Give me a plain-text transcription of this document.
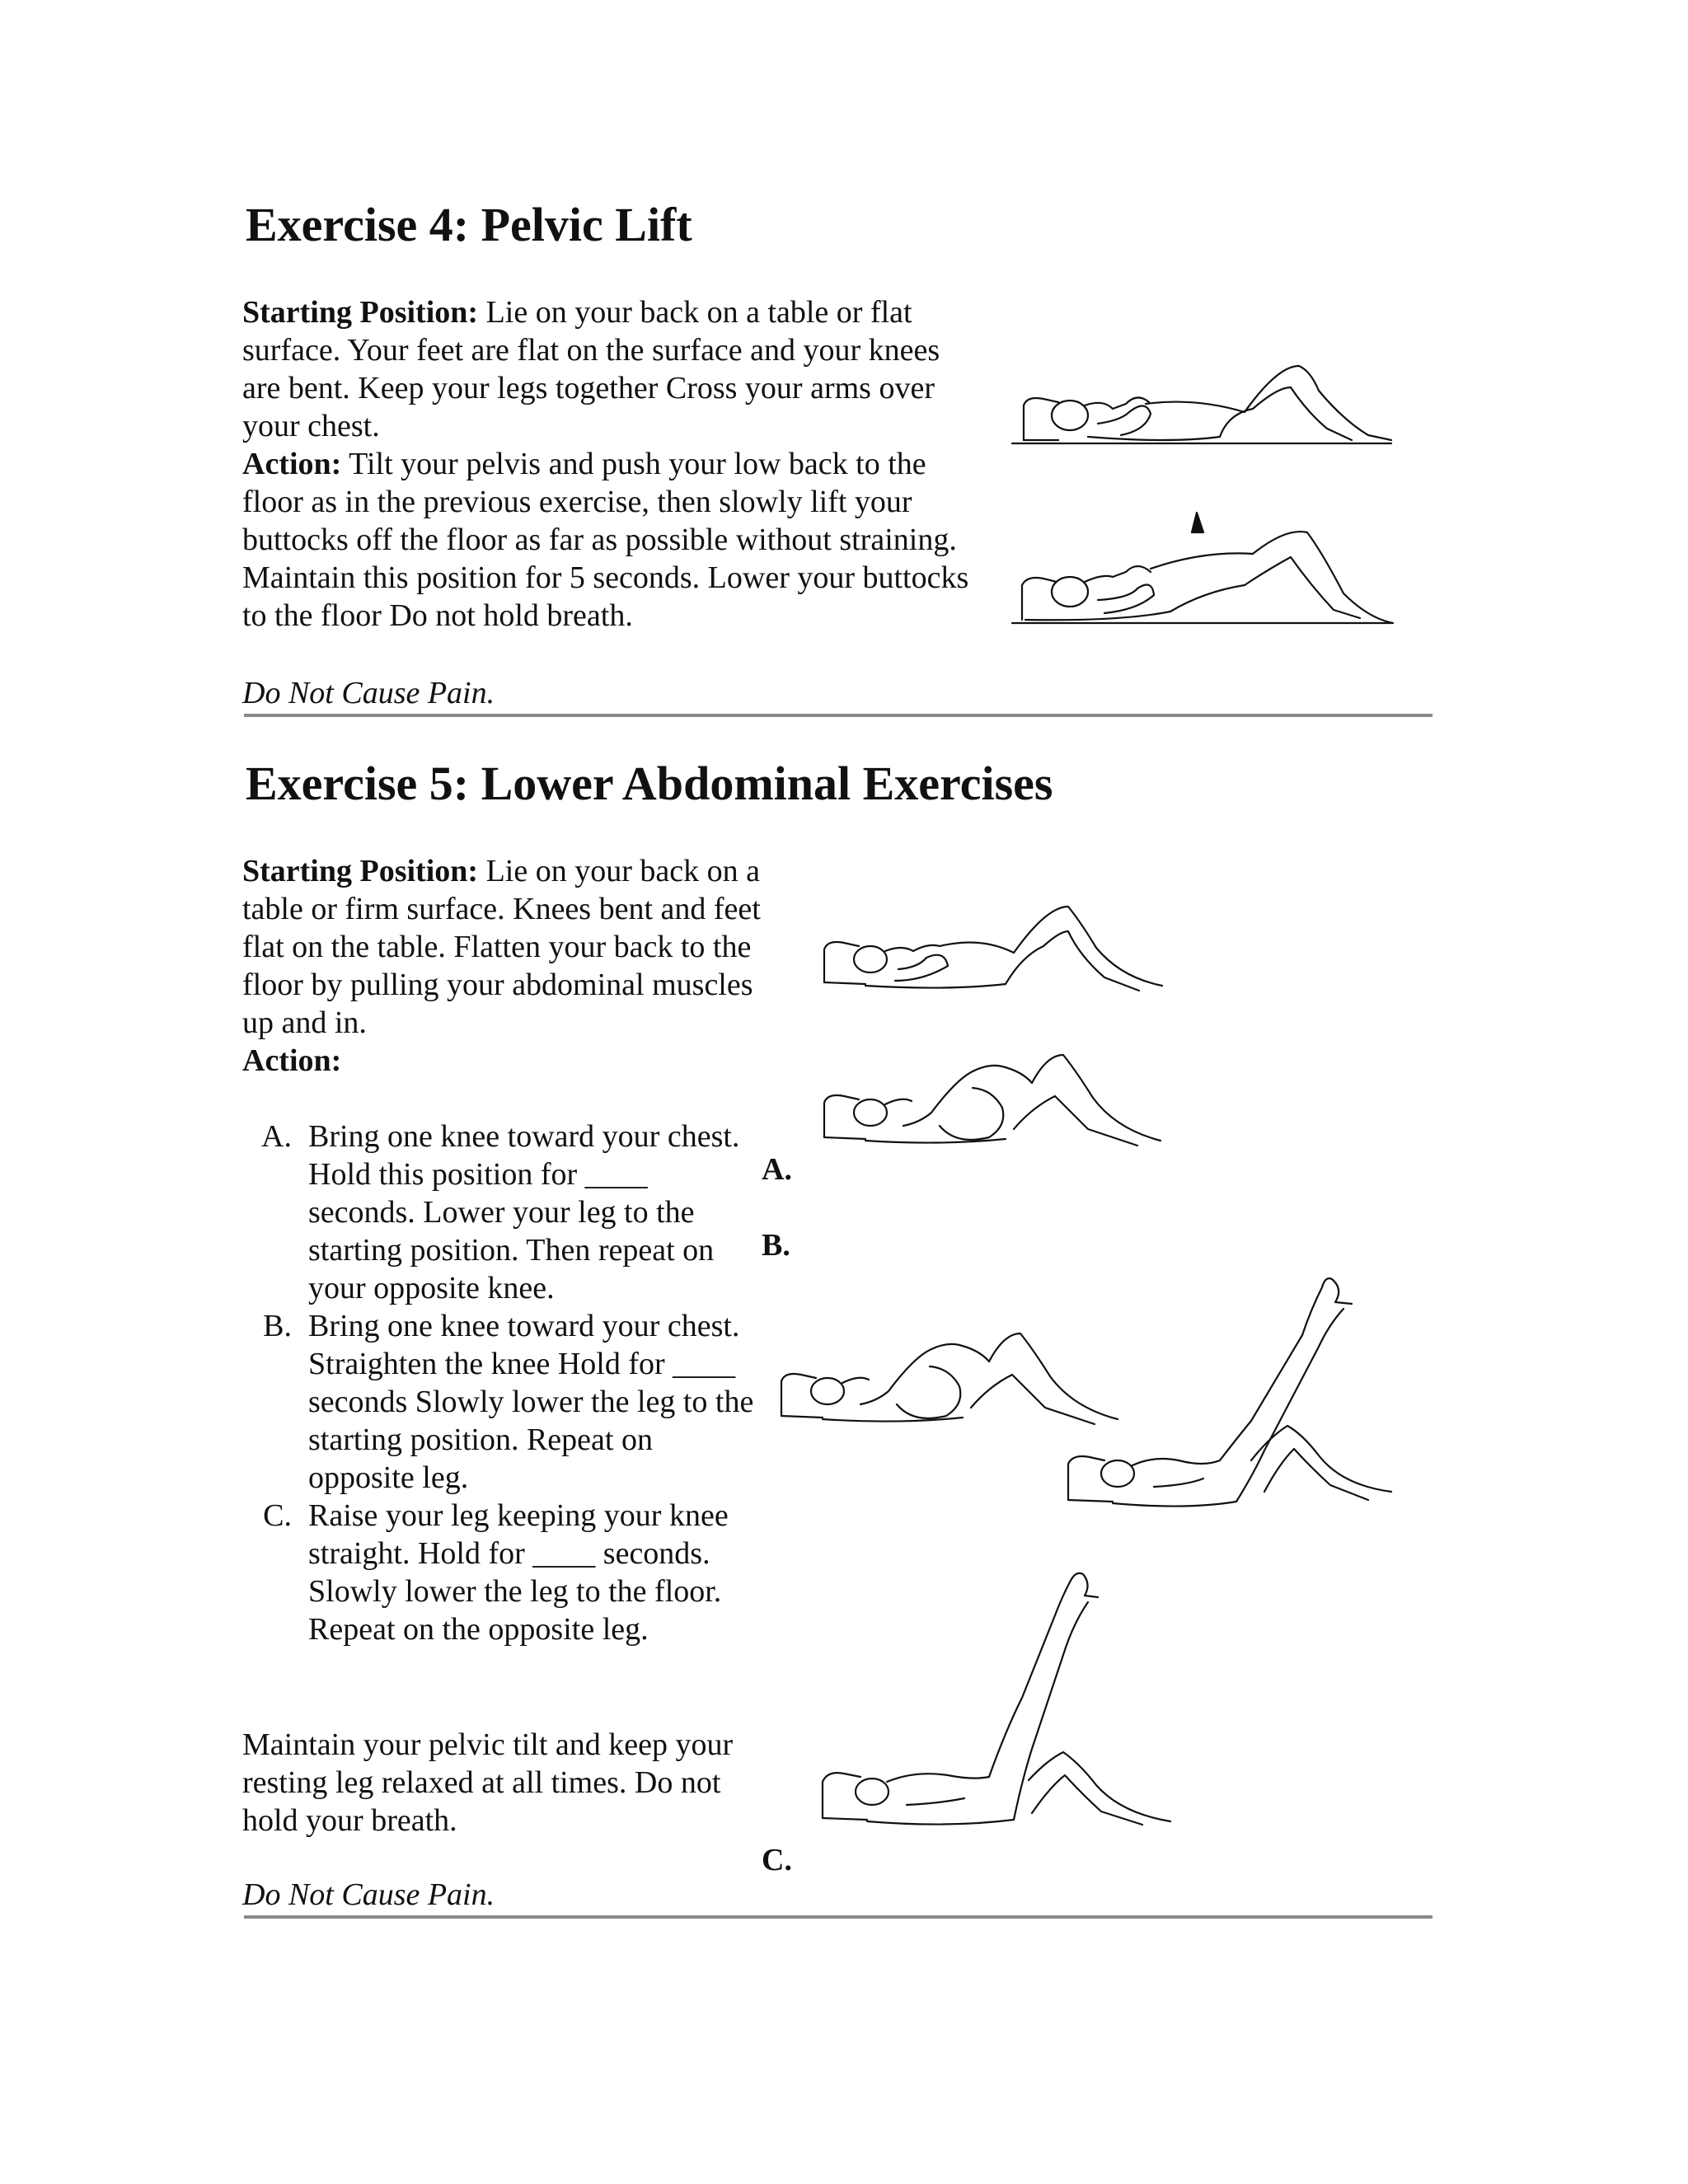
Exercise 4: Pelvic Lift

Starting Position: Lie on your back on a table or flat surface. Your feet are flat on the surface and your knees are bent. Keep your legs together Cross your arms over your chest.

Action: Tilt your pelvis and push your low back to the floor as in the previous exercise, then slowly lift your buttocks off the floor as far as possible without straining. Maintain this position for 5 seconds. Lower your buttocks to the floor Do not hold breath.

Do Not Cause Pain.
Exercise 5: Lower Abdominal Exercises

Starting Position: Lie on your back on a table or firm surface. Knees bent and feet flat on the table. Flatten your back to the floor by pulling your abdominal muscles up and in.

Action:

A. Bring one knee toward your chest. Hold this position for ____ seconds. Lower your leg to the starting position. Then repeat on your opposite knee.
B. Bring one knee toward your chest. Straighten the knee Hold for ____ seconds Slowly lower the leg to the starting position. Repeat on opposite leg.
C. Raise your leg keeping your knee straight. Hold for ____ seconds. Slowly lower the leg to the floor. Repeat on the opposite leg.
Maintain your pelvic tilt and keep your resting leg relaxed at all times. Do not hold your breath.
A.
B.
C.
Do Not Cause Pain.
